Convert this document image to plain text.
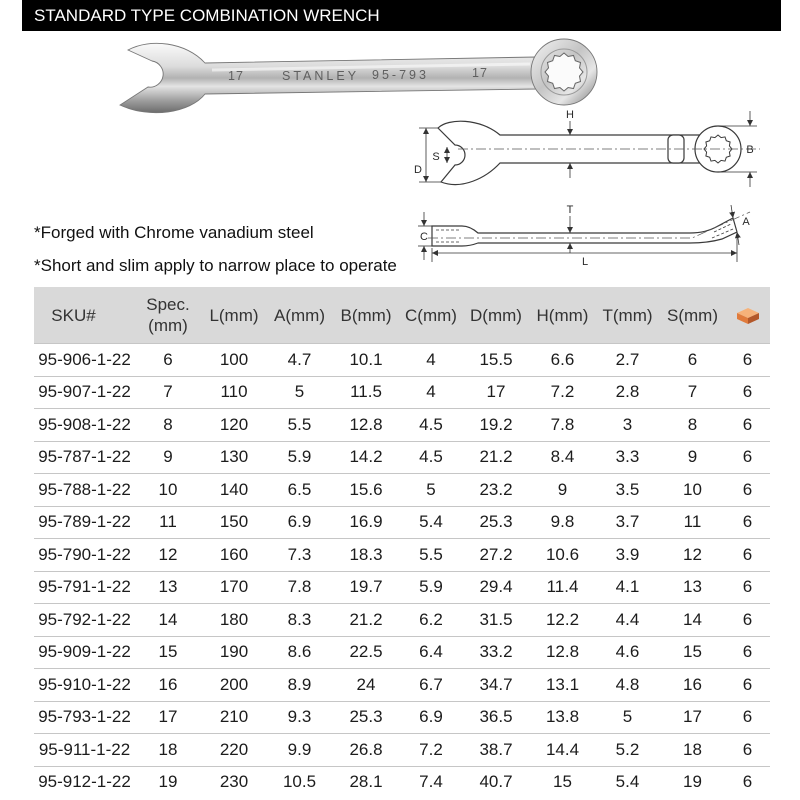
STANDARD TYPE COMBINATION WRENCH
17	STANLEY 95-793	17
H
B
S
D
T
C
A
L
*Forged with Chrome vanadium steel
*Short and slim apply to narrow place to operate
SKU#
Spec.
(mm)
L(mm) A(mm) B(mm) C(mm) D(mm) H(mm) T(mm) S(mm)
95-906-1-22	6	100	4.7	10.1	4	15.5	6.6	2.7	6	6
95-907-1-22	7	110	5	11.5	4	17	7.2	2.8	7	6
95-908-1-22	8	120	5.5	12.8	4.5	19.2	7.8	3	8	6
95-787-1-22	9	130	5.9	14.2	4.5	21.2	8.4	3.3	9	6
95-788-1-22	10	140	6.5	15.6	5	23.2	9	3.5	10	6
95-789-1-22	11	150	6.9	16.9	5.4	25.3	9.8	3.7	11	6
95-790-1-22	12	160	7.3	18.3	5.5	27.2	10.6	3.9	12	6
95-791-1-22	13	170	7.8	19.7	5.9	29.4	11.4	4.1	13	6
95-792-1-22	14	180	8.3	21.2	6.2	31.5	12.2	4.4	14	6
95-909-1-22	15	190	8.6	22.5	6.4	33.2	12.8	4.6	15	6
95-910-1-22	16	200	8.9	24	6.7	34.7	13.1	4.8	16	6
95-793-1-22	17	210	9.3	25.3	6.9	36.5	13.8	5	17	6
95-911-1-22	18	220	9.9	26.8	7.2	38.7	14.4	5.2	18	6
95-912-1-22	19	230	10.5	28.1	7.4	40.7	15	5.4	19	6
